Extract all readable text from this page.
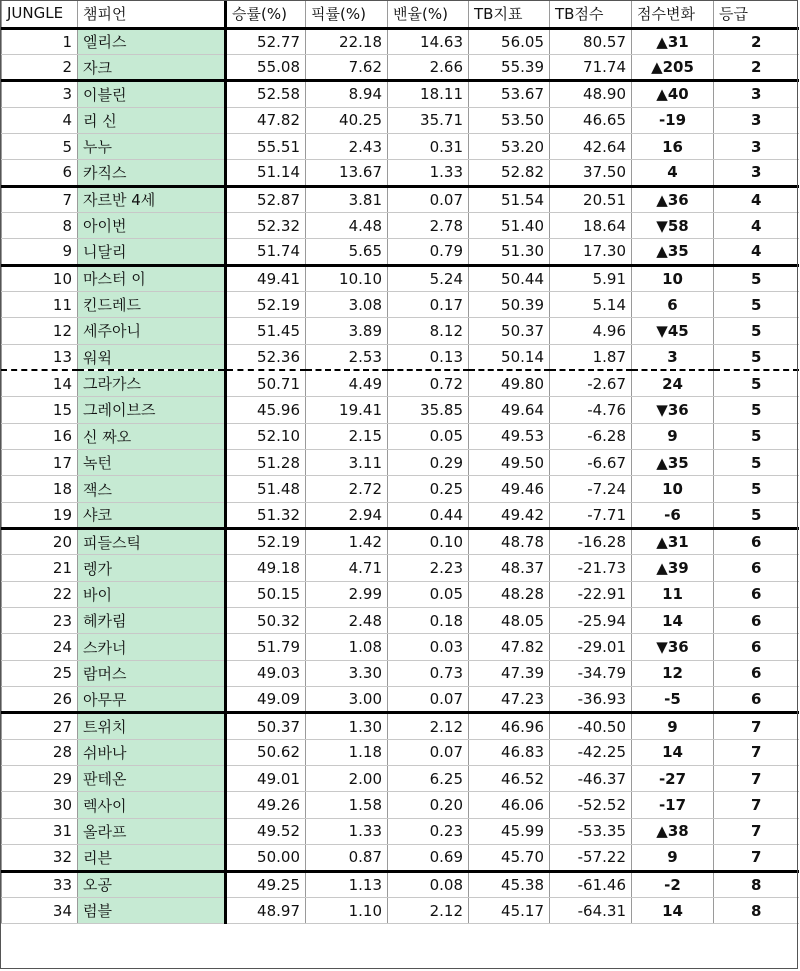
JUNGLE	챔피언	승률(%)	픽률(%)	밴율(%)	TB지표	TB점수	점수변화	등급
1	엘리스	52.77	22.18	14.63	56.05	80.57	▲31	2
2	자크	55.08	7.62	2.66	55.39	71.74	▲205	2
3	이블린	52.58	8.94	18.11	53.67	48.90	▲40	3
4	리 신	47.82	40.25	35.71	53.50	46.65	-19	3
5	누누	55.51	2.43	0.31	53.20	42.64	16	3
6	카직스	51.14	13.67	1.33	52.82	37.50	4	3
7	자르반 4세	52.87	3.81	0.07	51.54	20.51	▲36	4
8	아이번	52.32	4.48	2.78	51.40	18.64	▼58	4
9	니달리	51.74	5.65	0.79	51.30	17.30	▲35	4
10	마스터 이	49.41	10.10	5.24	50.44	5.91	10	5
11	킨드레드	52.19	3.08	0.17	50.39	5.14	6	5
12	세주아니	51.45	3.89	8.12	50.37	4.96	▼45	5
13	워윅	52.36	2.53	0.13	50.14	1.87	3	5
14	그라가스	50.71	4.49	0.72	49.80	-2.67	24	5
15	그레이브즈	45.96	19.41	35.85	49.64	-4.76	▼36	5
16	신 짜오	52.10	2.15	0.05	49.53	-6.28	9	5
17	녹턴	51.28	3.11	0.29	49.50	-6.67	▲35	5
18	잭스	51.48	2.72	0.25	49.46	-7.24	10	5
19	샤코	51.32	2.94	0.44	49.42	-7.71	-6	5
20	피들스틱	52.19	1.42	0.10	48.78	-16.28	▲31	6
21	렝가	49.18	4.71	2.23	48.37	-21.73	▲39	6
22	바이	50.15	2.99	0.05	48.28	-22.91	11	6
23	헤카림	50.32	2.48	0.18	48.05	-25.94	14	6
24	스카너	51.79	1.08	0.03	47.82	-29.01	▼36	6
25	람머스	49.03	3.30	0.73	47.39	-34.79	12	6
26	아무무	49.09	3.00	0.07	47.23	-36.93	-5	6
27	트위치	50.37	1.30	2.12	46.96	-40.50	9	7
28	쉬바나	50.62	1.18	0.07	46.83	-42.25	14	7
29	판테온	49.01	2.00	6.25	46.52	-46.37	-27	7
30	렉사이	49.26	1.58	0.20	46.06	-52.52	-17	7
31	올라프	49.52	1.33	0.23	45.99	-53.35	▲38	7
32	리븐	50.00	0.87	0.69	45.70	-57.22	9	7
33	오공	49.25	1.13	0.08	45.38	-61.46	-2	8
34	럼블	48.97	1.10	2.12	45.17	-64.31	14	8
